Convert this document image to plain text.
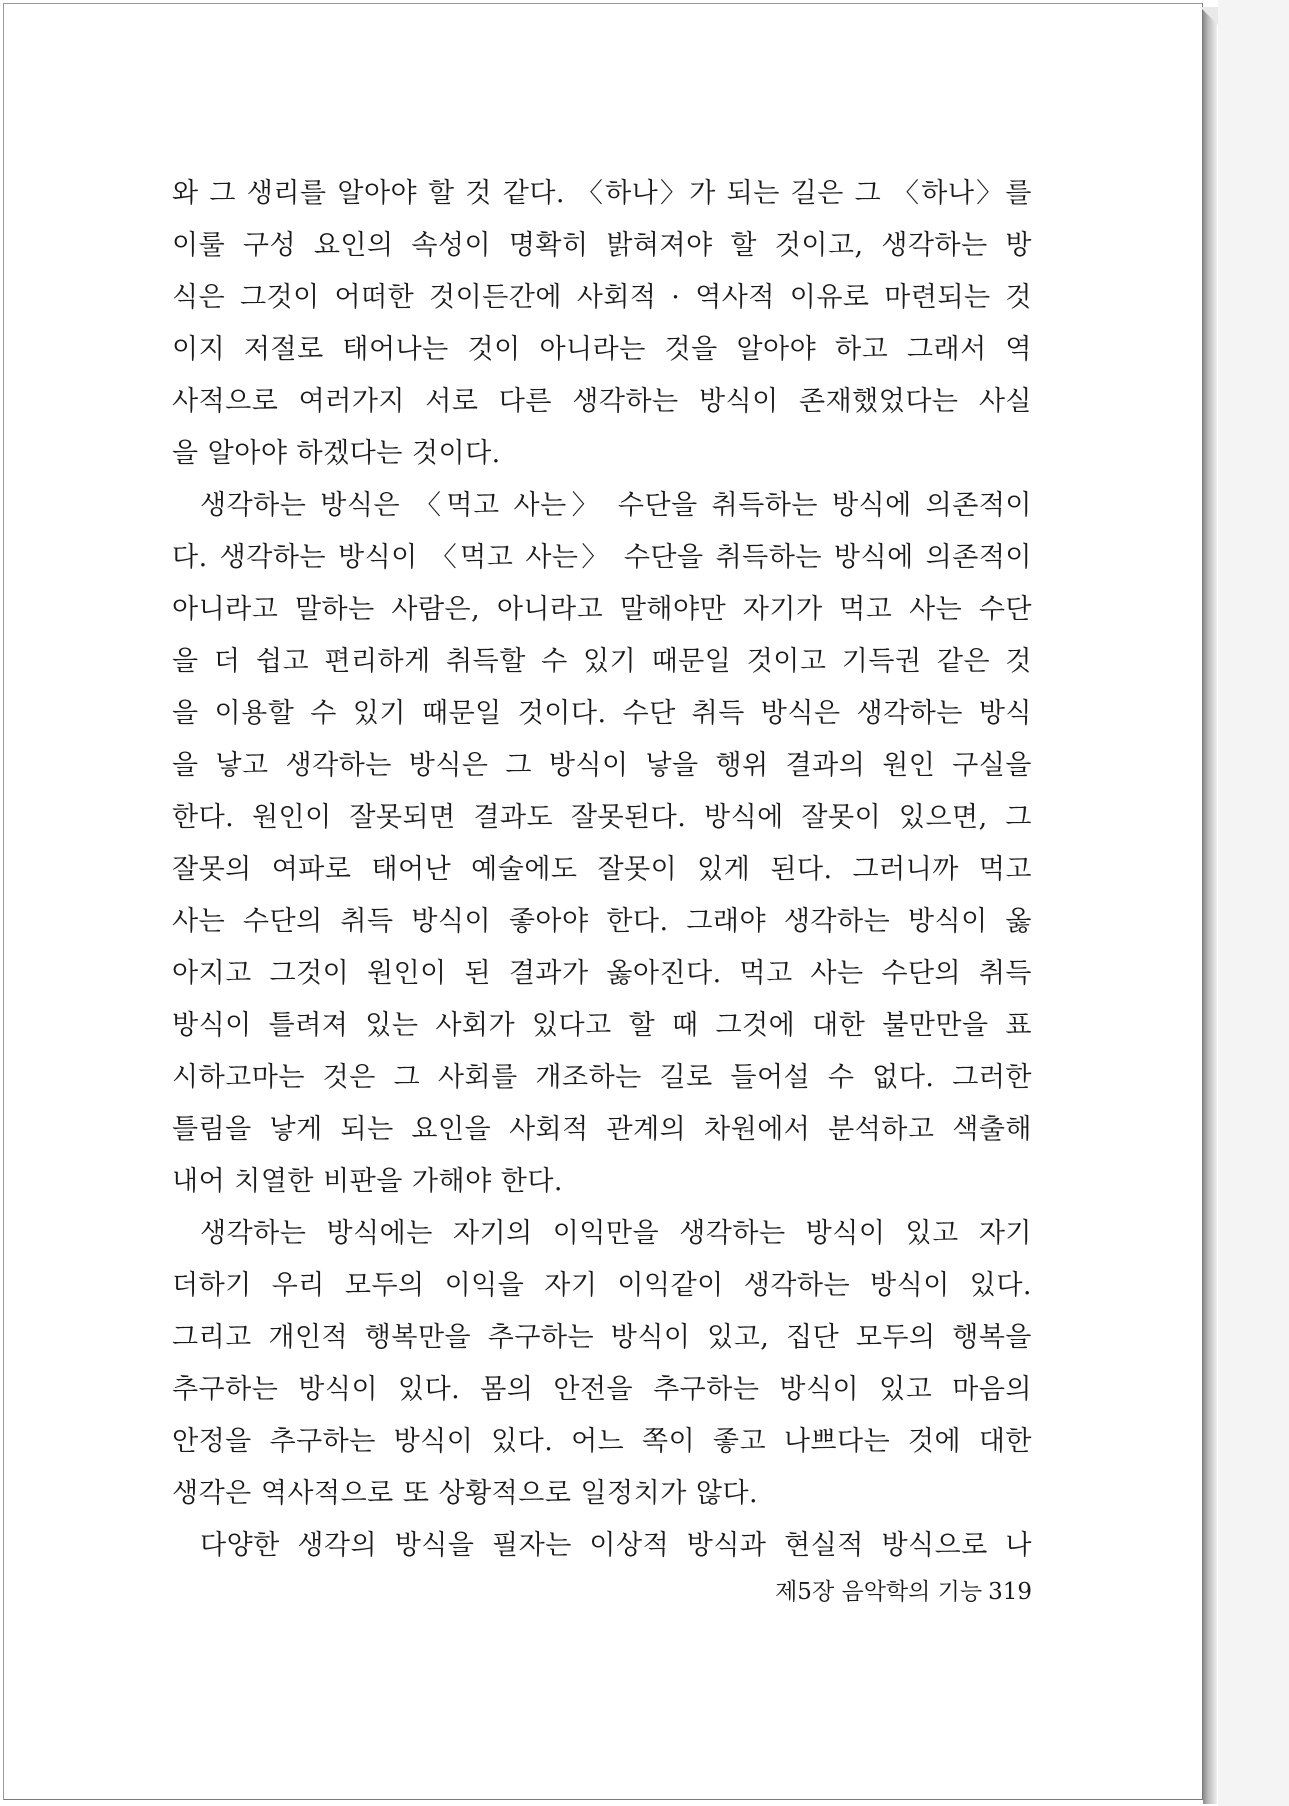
와 그 생리를 알아야 할 것 같다. 〈하나〉가 되는 길은 그 〈하나〉를
이룰 구성 요인의 속성이 명확히 밝혀져야 할 것이고, 생각하는 방
식은 그것이 어떠한 것이든간에 사회적 · 역사적 이유로 마련되는 것
이지 저절로 태어나는 것이 아니라는 것을 알아야 하고 그래서 역
사적으로 여러가지 서로 다른 생각하는 방식이 존재했었다는 사실
을 알아야 하겠다는 것이다.
생각하는 방식은 〈먹고 사는〉 수단을 취득하는 방식에 의존적이
다. 생각하는 방식이 〈먹고 사는〉 수단을 취득하는 방식에 의존적이
아니라고 말하는 사람은, 아니라고 말해야만 자기가 먹고 사는 수단
을 더 쉽고 편리하게 취득할 수 있기 때문일 것이고 기득권 같은 것
을 이용할 수 있기 때문일 것이다. 수단 취득 방식은 생각하는 방식
을 낳고 생각하는 방식은 그 방식이 낳을 행위 결과의 원인 구실을
한다. 원인이 잘못되면 결과도 잘못된다. 방식에 잘못이 있으면, 그
잘못의 여파로 태어난 예술에도 잘못이 있게 된다. 그러니까 먹고
사는 수단의 취득 방식이 좋아야 한다. 그래야 생각하는 방식이 옳
아지고 그것이 원인이 된 결과가 옳아진다. 먹고 사는 수단의 취득
방식이 틀려져 있는 사회가 있다고 할 때 그것에 대한 불만만을 표
시하고마는 것은 그 사회를 개조하는 길로 들어설 수 없다. 그러한
틀림을 낳게 되는 요인을 사회적 관계의 차원에서 분석하고 색출해
내어 치열한 비판을 가해야 한다.
생각하는 방식에는 자기의 이익만을 생각하는 방식이 있고 자기
더하기 우리 모두의 이익을 자기 이익같이 생각하는 방식이 있다.
그리고 개인적 행복만을 추구하는 방식이 있고, 집단 모두의 행복을
추구하는 방식이 있다. 몸의 안전을 추구하는 방식이 있고 마음의
안정을 추구하는 방식이 있다. 어느 쪽이 좋고 나쁘다는 것에 대한
생각은 역사적으로 또 상황적으로 일정치가 않다.
다양한 생각의 방식을 필자는 이상적 방식과 현실적 방식으로 나
제5장 음악학의 기능 319
